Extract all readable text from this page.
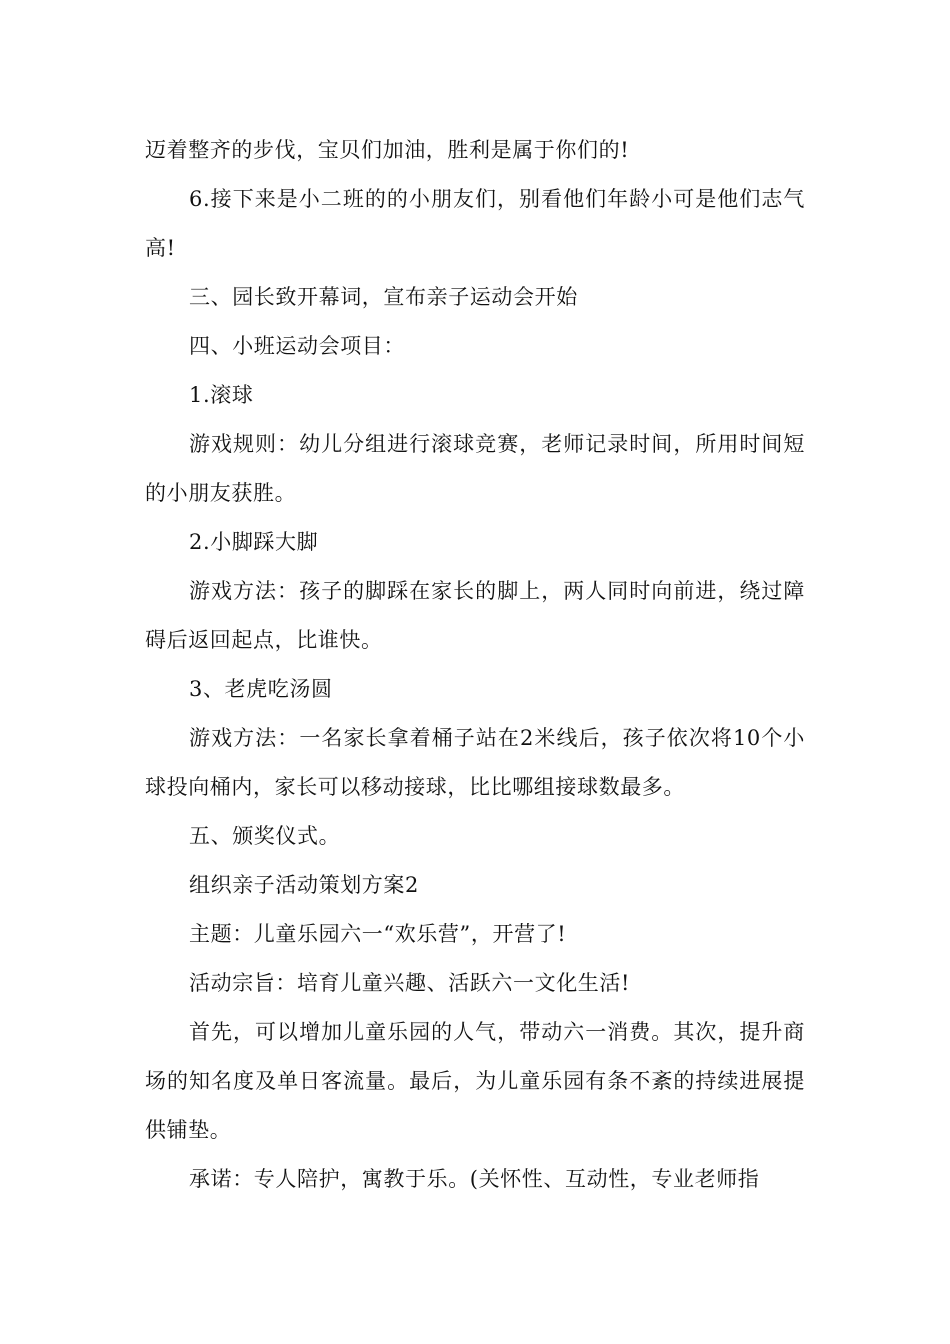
迈着整齐的步伐，宝贝们加油，胜利是属于你们的!

6.接下来是小二班的的小朋友们，别看他们年龄小可是他们志气高!

三、园长致开幕词，宣布亲子运动会开始

四、小班运动会项目：

1.滚球

游戏规则：幼儿分组进行滚球竞赛，老师记录时间，所用时间短的小朋友获胜。

2.小脚踩大脚

游戏方法：孩子的脚踩在家长的脚上，两人同时向前进，绕过障碍后返回起点，比谁快。

3、老虎吃汤圆

游戏方法：一名家长拿着桶子站在2米线后，孩子依次将10个小球投向桶内，家长可以移动接球，比比哪组接球数最多。

五、颁奖仪式。

组织亲子活动策划方案2

主题：儿童乐园六一“欢乐营”，开营了!

活动宗旨：培育儿童兴趣、活跃六一文化生活!

首先，可以增加儿童乐园的人气，带动六一消费。其次，提升商场的知名度及单日客流量。最后，为儿童乐园有条不紊的持续进展提供铺垫。

承诺：专人陪护，寓教于乐。(关怀性、互动性，专业老师指
